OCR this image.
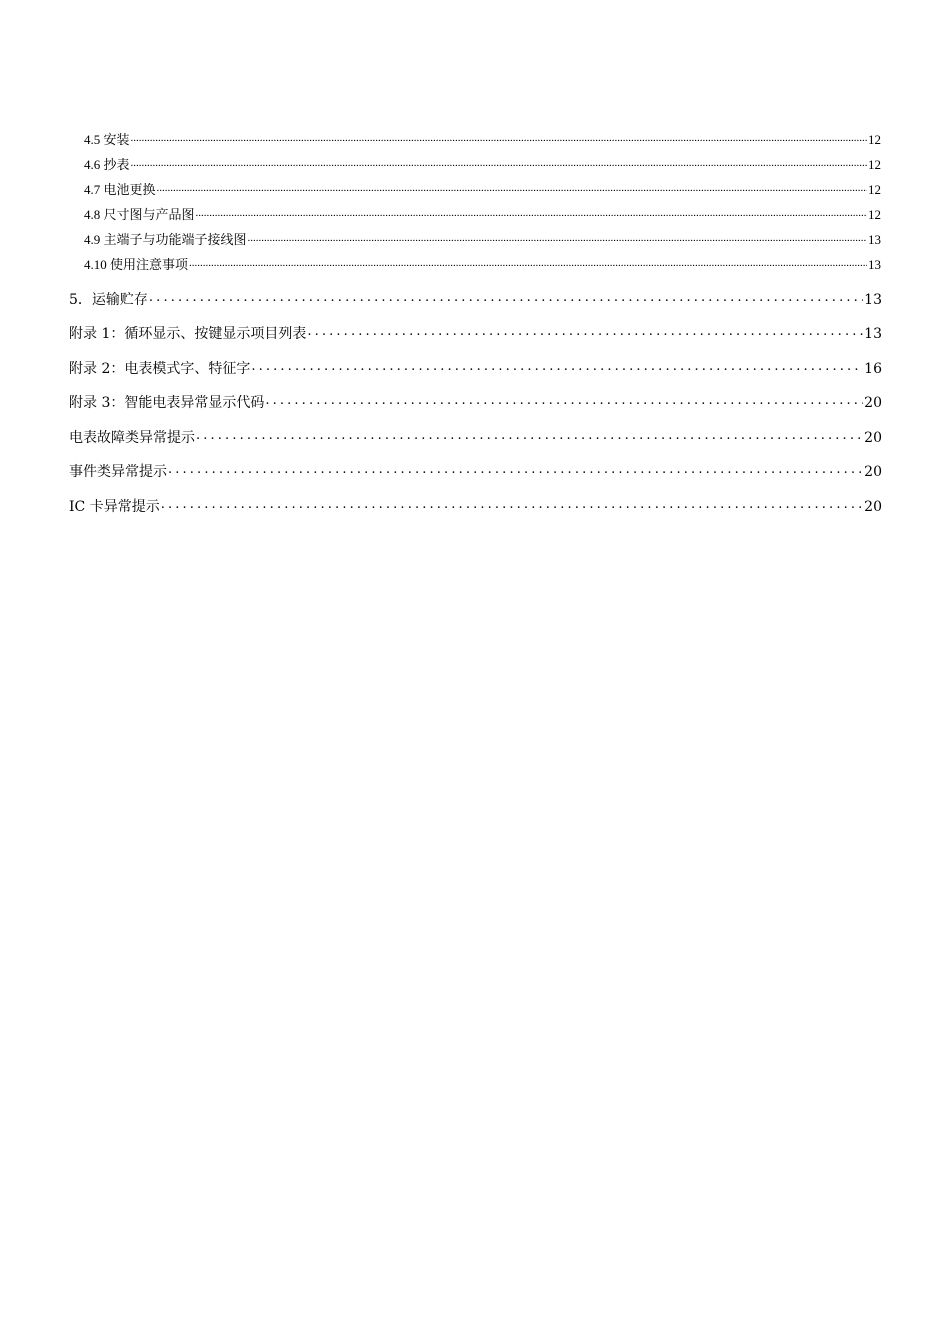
4.5 安装 .....	12
4.6 抄表 .....	12
4.7 电池更换 .....	12
4.8 尺寸图与产品图 .....	12
4.9 主端子与功能端子接线图 .....	13
4.10 使用注意事项 .....	13
5．运输贮存 . . .	13
附录 1：循环显示、按键显示项目列表 . . .	13
附录 2：电表模式字、特征字 . . .	16
附录 3：智能电表异常显示代码 . . .	20
电表故障类异常提示 . . .	20
事件类异常提示 . . .	20
IC 卡异常提示 . . .	20
